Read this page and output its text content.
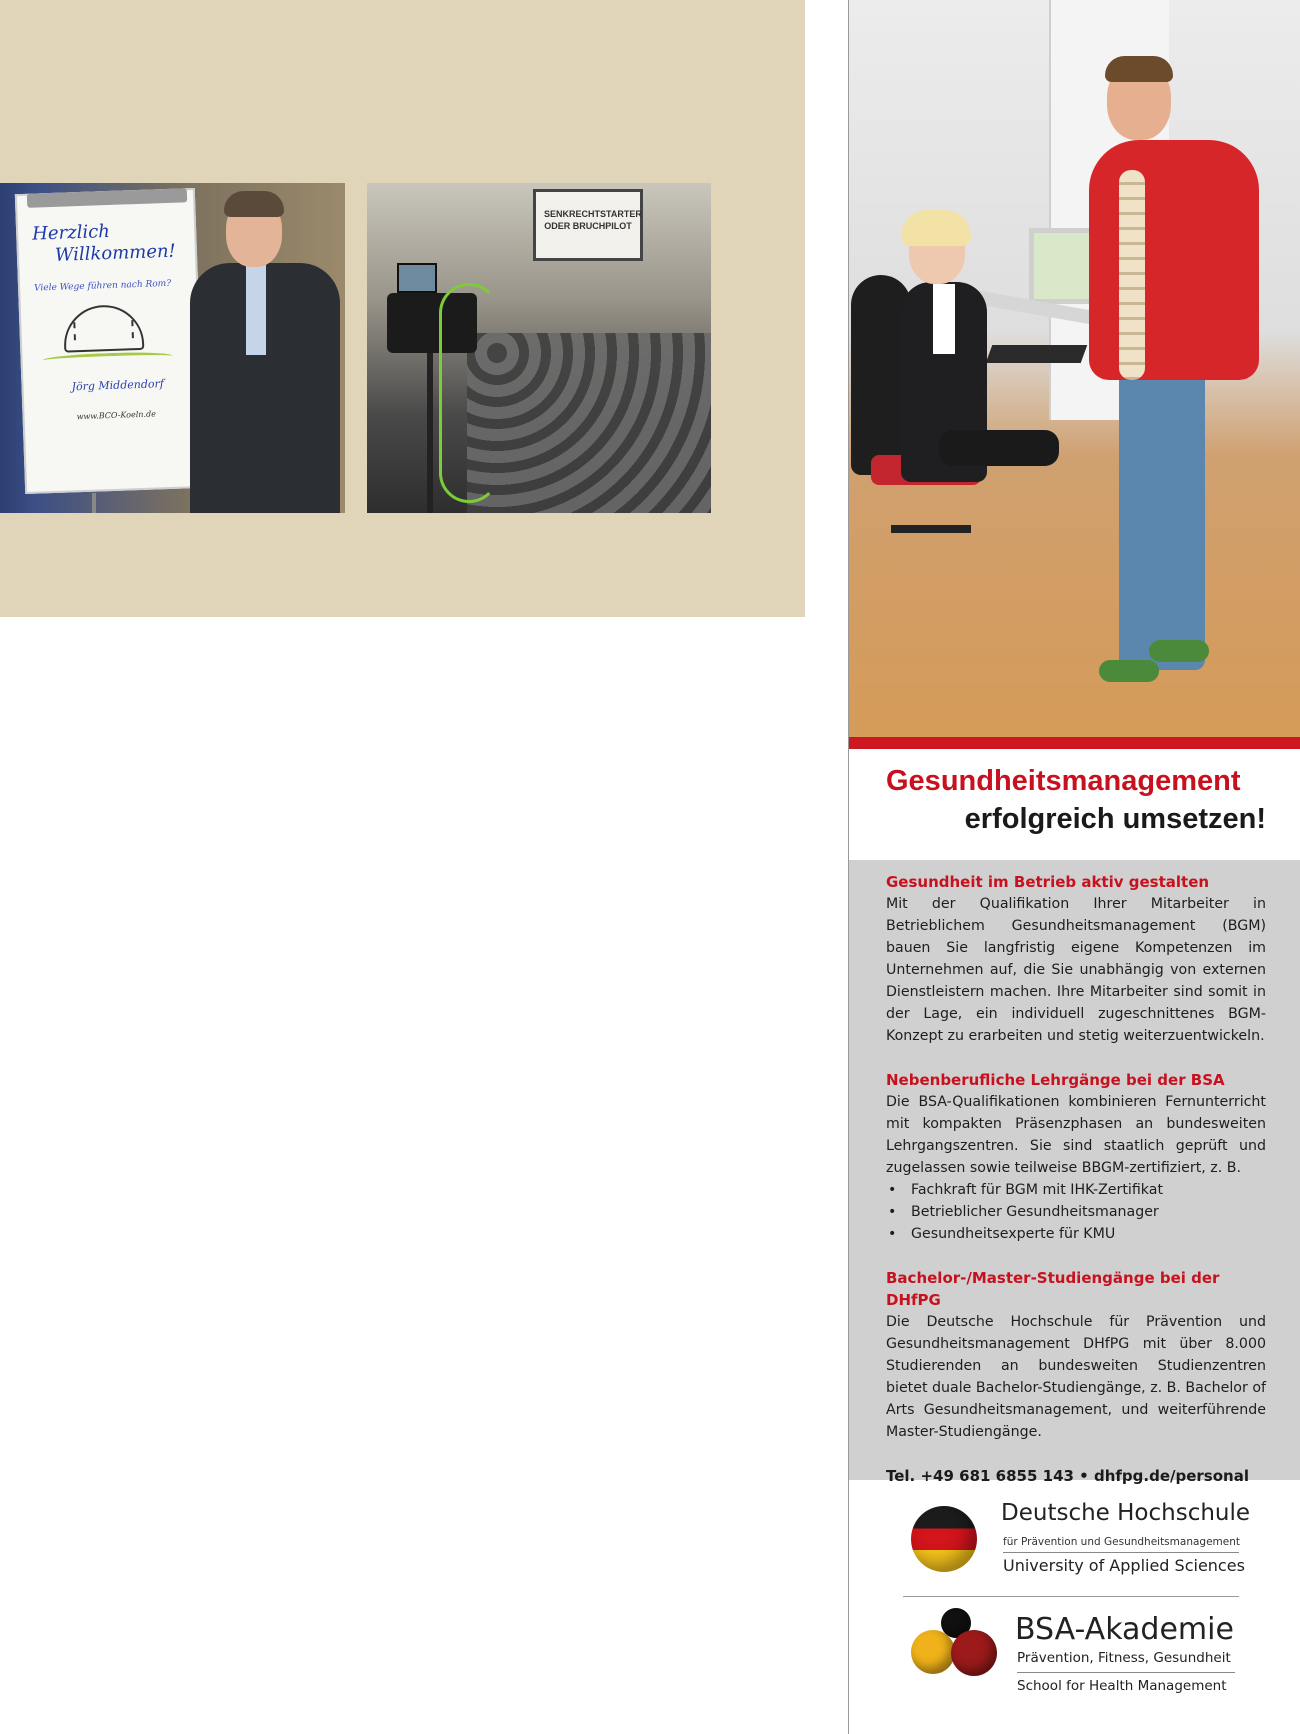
Herzlich
Willkommen!
Viele Wege führen nach Rom?
Jörg Middendorf
www.BCO-Koeln.de
SENKRECHTSTARTER ODER BRUCHPILOT
Gesundheitsmanagement
erfolgreich umsetzen!
Gesundheit im Betrieb aktiv gestalten
Mit der Qualifikation Ihrer Mitarbeiter in Betrieblichem Gesundheitsmanagement (BGM) bauen Sie langfristig eigene Kompetenzen im Unternehmen auf, die Sie unabhängig von externen Dienstleistern machen. Ihre Mitarbeiter sind somit in der Lage, ein individuell zugeschnittenes BGM-Konzept zu erarbeiten und stetig weiterzuentwickeln.
Nebenberufliche Lehrgänge bei der BSA
Die BSA-Qualifikationen kombinieren Fernunterricht mit kompakten Präsenzphasen an bundesweiten Lehrgangszentren. Sie sind staatlich geprüft und zugelassen sowie teilweise BBGM-zertifiziert, z. B.
• Fachkraft für BGM mit IHK-Zertifikat
• Betrieblicher Gesundheitsmanager
• Gesundheitsexperte für KMU
Bachelor-/Master-Studiengänge bei der DHfPG
Die Deutsche Hochschule für Prävention und Gesundheitsmanagement DHfPG mit über 8.000 Studierenden an bundesweiten Studienzentren bietet duale Bachelor-Studiengänge, z. B. Bachelor of Arts Gesundheitsmanagement, und weiterführende Master-Studiengänge.
Tel. +49 681 6855 143 • dhfpg.de/personal
Deutsche Hochschule
für Prävention und Gesundheitsmanagement
University of Applied Sciences
BSA-Akademie
Prävention, Fitness, Gesundheit
School for Health Management
